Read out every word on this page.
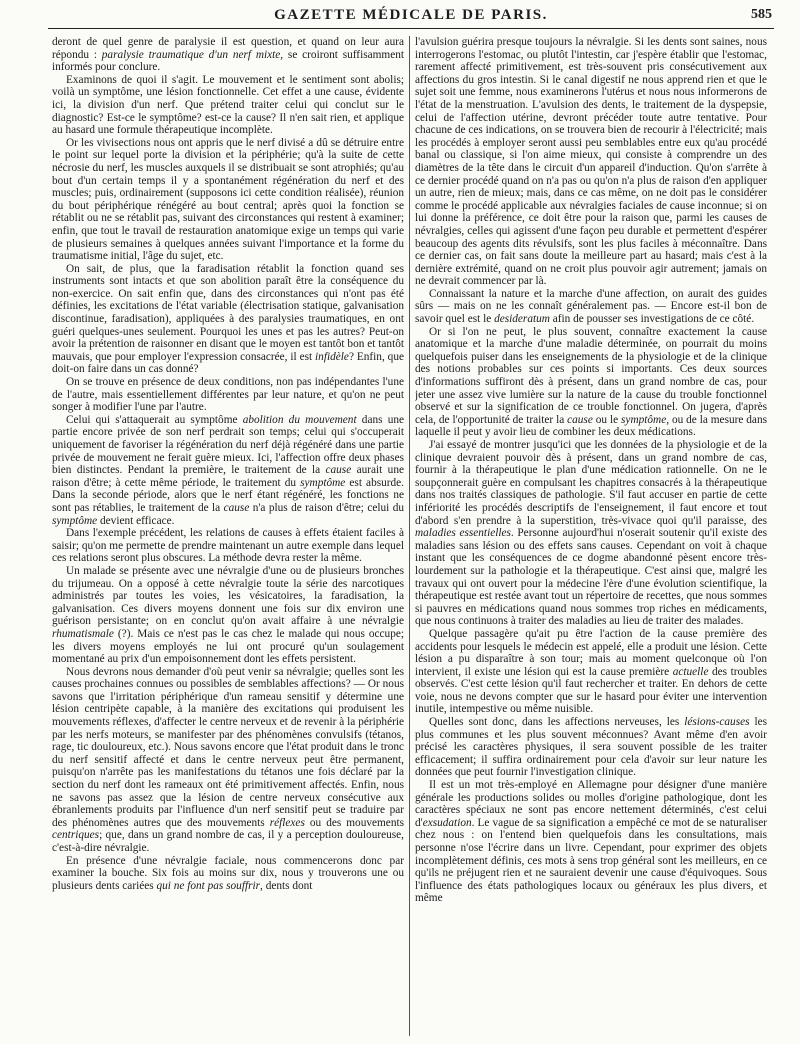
GAZETTE MÉDICALE DE PARIS.	585

deront de quel genre de paralysie il est question, et quand on leur aura répondu : paralysie traumatique d'un nerf mixte, se croiront suffisamment informés pour conclure.

Examinons de quoi il s'agit. Le mouvement et le sentiment sont abolis; voilà un symptôme, une lésion fonctionnelle. Cet effet a une cause, évidente ici, la division d'un nerf. Que prétend traiter celui qui conclut sur le diagnostic? Est-ce le symptôme? est-ce la cause? Il n'en sait rien, et applique au hasard une formule thérapeutique incomplète.

Or les vivisections nous ont appris que le nerf divisé a dû se détruire entre le point sur lequel porte la division et la périphérie; qu'à la suite de cette nécrosie du nerf, les muscles auxquels il se distribuait se sont atrophiés; qu'au bout d'un certain temps il y a spontanément régénération du nerf et des muscles; puis, ordinairement (supposons ici cette condition réalisée), réunion du bout périphérique rénégéré au bout central; après quoi la fonction se rétablit ou ne se rétablit pas, suivant des circonstances qui restent à examiner; enfin, que tout le travail de restauration anatomique exige un temps qui varie de plusieurs semaines à quelques années suivant l'importance et la forme du traumatisme initial, l'âge du sujet, etc.

On sait, de plus, que la faradisation rétablit la fonction quand ses instruments sont intacts et que son abolition paraît être la conséquence du non-exercice. On sait enfin que, dans des circonstances qui n'ont pas été définies, les excitations de l'état variable (électrisation statique, galvanisation discontinue, faradisation), appliquées à des paralysies traumatiques, en ont guéri quelques-unes seulement. Pourquoi les unes et pas les autres? Peut-on avoir la prétention de raisonner en disant que le moyen est tantôt bon et tantôt mauvais, que pour employer l'expression consacrée, il est infidèle? Enfin, que doit-on faire dans un cas donné?

On se trouve en présence de deux conditions, non pas indépendantes l'une de l'autre, mais essentiellement différentes par leur nature, et qu'on ne peut songer à modifier l'une par l'autre.

Celui qui s'attaquerait au symptôme abolition du mouvement dans une partie encore privée de son nerf perdrait son temps; celui qui s'occuperait uniquement de favoriser la régénération du nerf déjà régénéré dans une partie privée de mouvement ne ferait guère mieux. Ici, l'affection offre deux phases bien distinctes. Pendant la première, le traitement de la cause aurait une raison d'être; à cette même période, le traitement du symptôme est absurde. Dans la seconde période, alors que le nerf étant régénéré, les fonctions ne sont pas rétablies, le traitement de la cause n'a plus de raison d'être; celui du symptôme devient efficace.

Dans l'exemple précédent, les relations de causes à effets étaient faciles à saisir; qu'on me permette de prendre maintenant un autre exemple dans lequel ces relations seront plus obscures. La méthode devra rester la même.

Un malade se présente avec une névralgie d'une ou de plusieurs bronches du trijumeau. On a opposé à cette névralgie toute la série des narcotiques administrés par toutes les voies, les vésicatoires, la faradisation, la galvanisation. Ces divers moyens donnent une fois sur dix environ une guérison persistante; on en conclut qu'on avait affaire à une névralgie rhumatismale (?). Mais ce n'est pas le cas chez le malade qui nous occupe; les divers moyens employés ne lui ont procuré qu'un soulagement momentané au prix d'un empoisonnement dont les effets persistent.

Nous devrons nous demander d'où peut venir sa névralgie; quelles sont les causes prochaines connues ou possibles de semblables affections? — Or nous savons que l'irritation périphérique d'un rameau sensitif y détermine une lésion centripète capable, à la manière des excitations qui produisent les mouvements réflexes, d'affecter le centre nerveux et de revenir à la périphérie par les nerfs moteurs, se manifester par des phénomènes convulsifs (tétanos, rage, tic douloureux, etc.). Nous savons encore que l'état produit dans le tronc du nerf sensitif affecté et dans le centre nerveux peut être permanent, puisqu'on n'arrête pas les manifestations du tétanos une fois déclaré par la section du nerf dont les rameaux ont été primitivement affectés. Enfin, nous ne savons pas assez que la lésion de centre nerveux consécutive aux ébranlements produits par l'influence d'un nerf sensitif peut se traduire par des phénomènes autres que des mouvements réflexes ou des mouvements centriques; que, dans un grand nombre de cas, il y a perception douloureuse, c'est-à-dire névralgie.

En présence d'une névralgie faciale, nous commencerons donc par examiner la bouche. Six fois au moins sur dix, nous y trouverons une ou plusieurs dents cariées qui ne font pas souffrir, dents dont

l'avulsion guérira presque toujours la névralgie. Si les dents sont saines, nous interrogerons l'estomac, ou plutôt l'intestin, car j'espère établir que l'estomac, rarement affecté primitivement, est très-souvent pris consécutivement aux affections du gros intestin. Si le canal digestif ne nous apprend rien et que le sujet soit une femme, nous examinerons l'utérus et nous nous informerons de l'état de la menstruation. L'avulsion des dents, le traitement de la dyspepsie, celui de l'affection utérine, devront précéder toute autre tentative. Pour chacune de ces indications, on se trouvera bien de recourir à l'électricité; mais les procédés à employer seront aussi peu semblables entre eux qu'au procédé banal ou classique, si l'on aime mieux, qui consiste à comprendre un des diamètres de la tête dans le circuit d'un appareil d'induction. Qu'on s'arrête à ce dernier procédé quand on n'a pas ou qu'on n'a plus de raison d'en appliquer un autre, rien de mieux; mais, dans ce cas même, on ne doit pas le considérer comme le procédé applicable aux névralgies faciales de cause inconnue; si on lui donne la préférence, ce doit être pour la raison que, parmi les causes de névralgies, celles qui agissent d'une façon peu durable et permettent d'espérer beaucoup des agents dits révulsifs, sont les plus faciles à méconnaître. Dans ce dernier cas, on fait sans doute la meilleure part au hasard; mais c'est à la dernière extrémité, quand on ne croit plus pouvoir agir autrement; jamais on ne devrait commencer par là.

Connaissant la nature et la marche d'une affection, on aurait des guides sûrs — mais on ne les connaît généralement pas. — Encore est-il bon de savoir quel est le desideratum afin de pousser ses investigations de ce côté.

Or si l'on ne peut, le plus souvent, connaître exactement la cause anatomique et la marche d'une maladie déterminée, on pourrait du moins quelquefois puiser dans les enseignements de la physiologie et de la clinique des notions probables sur ces points si importants. Ces deux sources d'informations suffiront dès à présent, dans un grand nombre de cas, pour jeter une assez vive lumière sur la nature de la cause du trouble fonctionnel observé et sur la signification de ce trouble fonctionnel. On jugera, d'après cela, de l'opportunité de traiter la cause ou le symptôme, ou de la mesure dans laquelle il peut y avoir lieu de combiner les deux médications.

J'ai essayé de montrer jusqu'ici que les données de la physiologie et de la clinique devraient pouvoir dès à présent, dans un grand nombre de cas, fournir à la thérapeutique le plan d'une médication rationnelle. On ne le soupçonnerait guère en compulsant les chapitres consacrés à la thérapeutique dans nos traités classiques de pathologie. S'il faut accuser en partie de cette infériorité les procédés descriptifs de l'enseignement, il faut encore et tout d'abord s'en prendre à la superstition, très-vivace quoi qu'il paraisse, des maladies essentielles. Personne aujourd'hui n'oserait soutenir qu'il existe des maladies sans lésion ou des effets sans causes. Cependant on voit à chaque instant que les conséquences de ce dogme abandonné pèsent encore très-lourdement sur la pathologie et la thérapeutique. C'est ainsi que, malgré les travaux qui ont ouvert pour la médecine l'ère d'une évolution scientifique, la thérapeutique est restée avant tout un répertoire de recettes, que nous sommes si pauvres en médications quand nous sommes trop riches en médicaments, que nous continuons à traiter des maladies au lieu de traiter des malades.

Quelque passagère qu'ait pu être l'action de la cause première des accidents pour lesquels le médecin est appelé, elle a produit une lésion. Cette lésion a pu disparaître à son tour; mais au moment quelconque où l'on intervient, il existe une lésion qui est la cause première actuelle des troubles observés. C'est cette lésion qu'il faut rechercher et traiter. En dehors de cette voie, nous ne devons compter que sur le hasard pour éviter une intervention inutile, intempestive ou même nuisible.

Quelles sont donc, dans les affections nerveuses, les lésions-causes les plus communes et les plus souvent méconnues? Avant même d'en avoir précisé les caractères physiques, il sera souvent possible de les traiter efficacement; il suffira ordinairement pour cela d'avoir sur leur nature les données que peut fournir l'investigation clinique.

Il est un mot très-employé en Allemagne pour désigner d'une manière générale les productions solides ou molles d'origine pathologique, dont les caractères spéciaux ne sont pas encore nettement déterminés, c'est celui d'exsudation. Le vague de sa signification a empêché ce mot de se naturaliser chez nous : on l'entend bien quelquefois dans les consultations, mais personne n'ose l'écrire dans un livre. Cependant, pour exprimer des objets incomplètement définis, ces mots à sens trop général sont les meilleurs, en ce qu'ils ne préjugent rien et ne sauraient devenir une cause d'équivoques. Sous l'influence des états pathologiques locaux ou généraux les plus divers, et même
